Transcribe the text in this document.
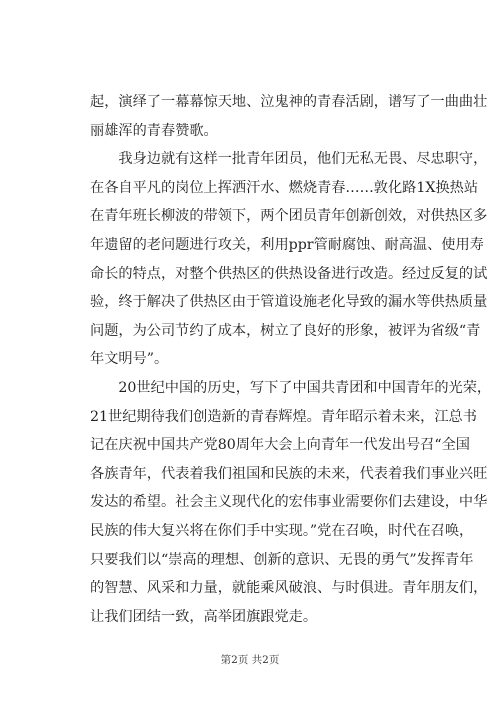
起，演绎了一幕幕惊天地、泣鬼神的青春活剧，谱写了一曲曲壮
丽雄浑的青春赞歌。
　　我身边就有这样一批青年团员，他们无私无畏、尽忠职守，
在各自平凡的岗位上挥洒汗水、燃烧青春……敦化路1X换热站
在青年班长柳波的带领下，两个团员青年创新创效，对供热区多
年遗留的老问题进行攻关，利用ppr管耐腐蚀、耐高温、使用寿
命长的特点，对整个供热区的供热设备进行改造。经过反复的试
验，终于解决了供热区由于管道设施老化导致的漏水等供热质量
问题，为公司节约了成本，树立了良好的形象，被评为省级“青
年文明号”。
　　20世纪中国的历史，写下了中国共青团和中国青年的光荣，
21世纪期待我们创造新的青春辉煌。青年昭示着未来，江总书
记在庆祝中国共产党80周年大会上向青年一代发出号召“全国
各族青年，代表着我们祖国和民族的未来，代表着我们事业兴旺
发达的希望。社会主义现代化的宏伟事业需要你们去建设，中华
民族的伟大复兴将在你们手中实现。”党在召唤，时代在召唤，
只要我们以“崇高的理想、创新的意识、无畏的勇气”发挥青年
的智慧、风采和力量，就能乘风破浪、与时俱进。青年朋友们，
让我们团结一致，高举团旗跟党走。
第2页 共2页
